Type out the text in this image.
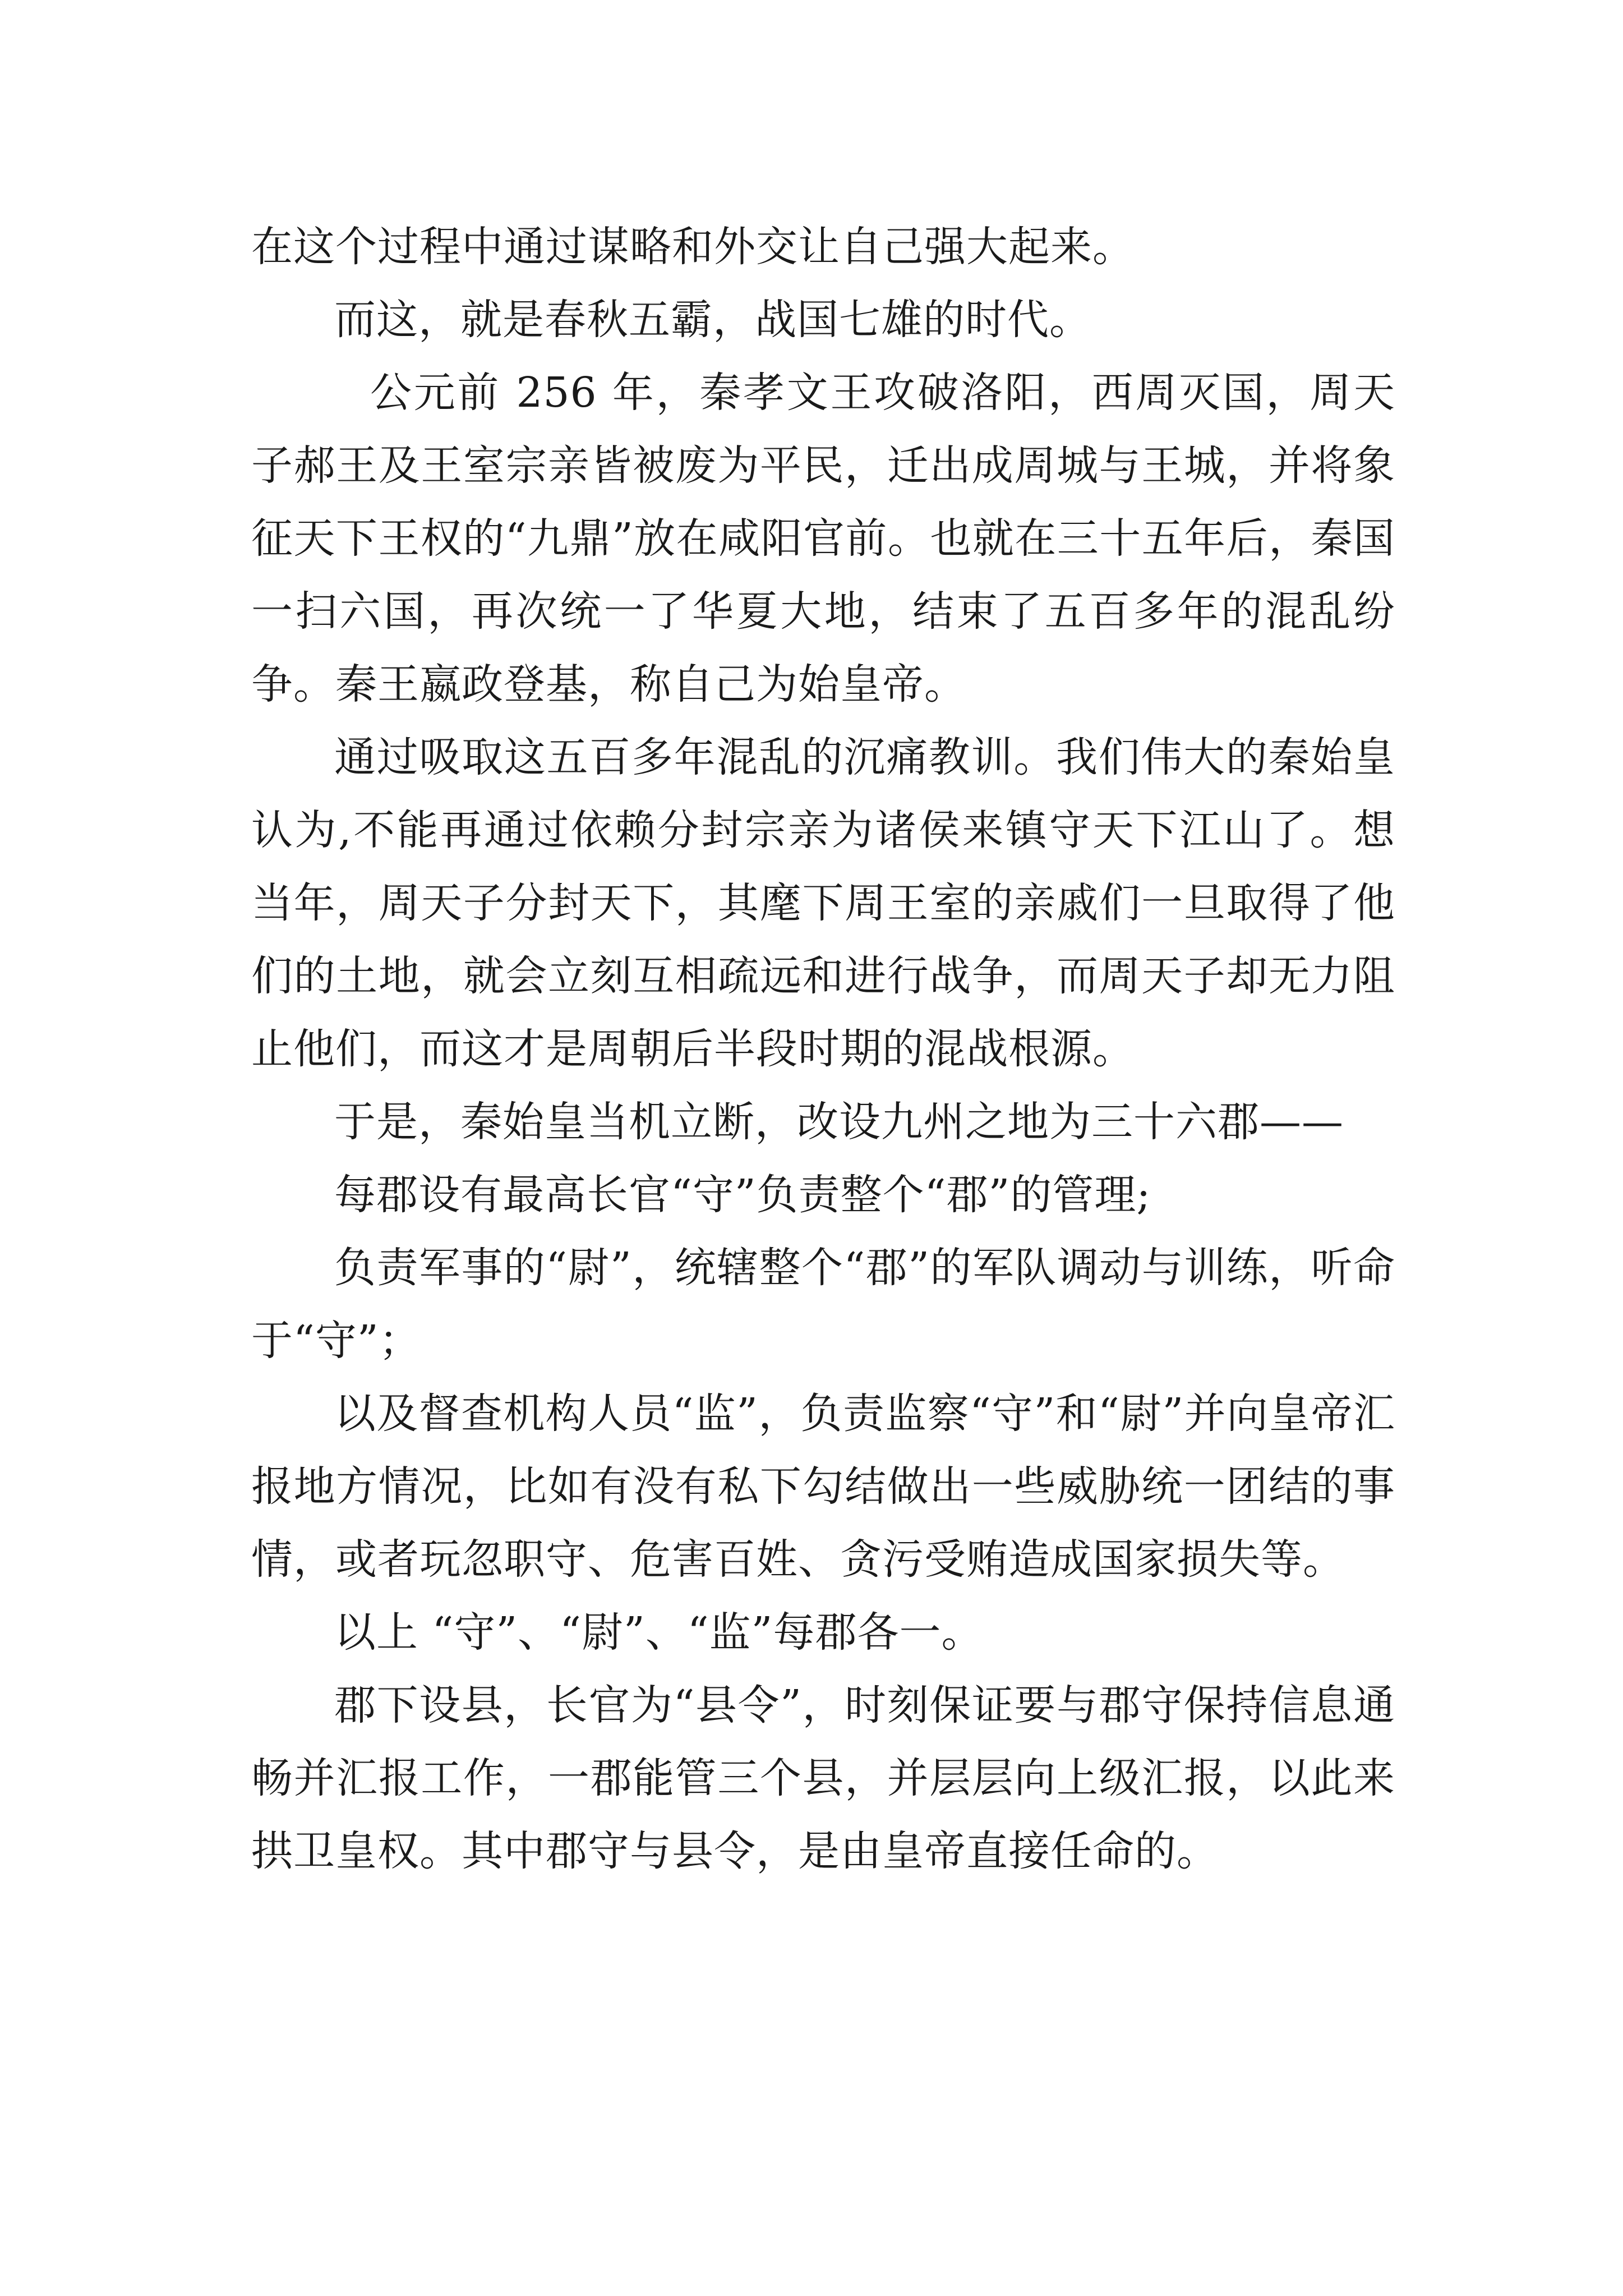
在这个过程中通过谋略和外交让自己强大起来。

而这，就是春秋五霸，战国七雄的时代。

公元前 256 年，秦孝文王攻破洛阳，西周灭国，周天子郝王及王室宗亲皆被废为平民，迁出成周城与王城，并将象征天下王权的“九鼎”放在咸阳官前。也就在三十五年后，秦国一扫六国，再次统一了华夏大地，结束了五百多年的混乱纷争。秦王嬴政登基，称自己为始皇帝。

通过吸取这五百多年混乱的沉痛教训。我们伟大的秦始皇认为,不能再通过依赖分封宗亲为诸侯来镇守天下江山了。想当年，周天子分封天下，其麾下周王室的亲戚们一旦取得了他们的土地，就会立刻互相疏远和进行战争，而周天子却无力阻止他们，而这才是周朝后半段时期的混战根源。

于是，秦始皇当机立断，改设九州之地为三十六郡——

每郡设有最高长官“守”负责整个“郡”的管理;

负责军事的“尉”，统辖整个“郡”的军队调动与训练，听命于“守”；

以及督查机构人员“监”，负责监察“守”和“尉”并向皇帝汇报地方情况，比如有没有私下勾结做出一些威胁统一团结的事情，或者玩忽职守、危害百姓、贪污受贿造成国家损失等。

以上 “守”、“尉”、“监”每郡各一。

郡下设县，长官为“县令”，时刻保证要与郡守保持信息通畅并汇报工作，一郡能管三个县，并层层向上级汇报，以此来拱卫皇权。其中郡守与县令，是由皇帝直接任命的。
